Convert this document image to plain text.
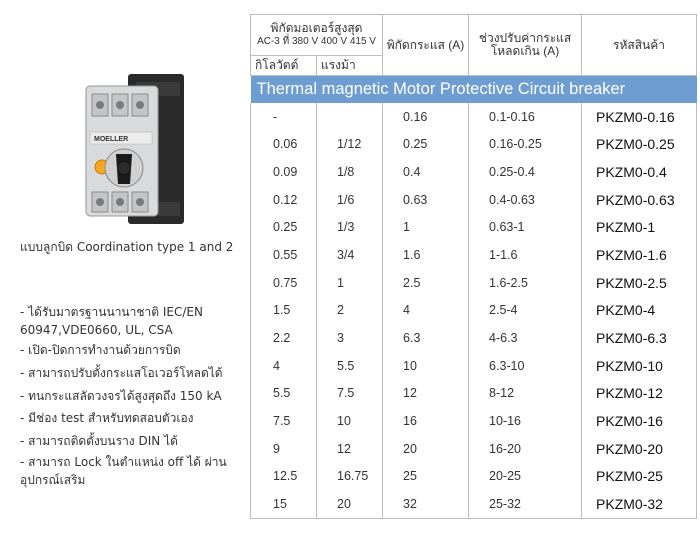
MOELLER
แบบลูกบิด Coordination type 1 and 2
- ได้รับมาตรฐานนานาชาติ IEC/EN 60947,VDE0660, UL, CSA
- เปิด-ปิดการทำงานด้วยการบิด
- สามารถปรับตั้งกระแสโอเวอร์โหลดได้
- ทนกระแสลัดวงจรได้สูงสุดถึง 150 kA
- มีช่อง test สำหรับทดสอบตัวเอง
- สามารถติดตั้งบนราง DIN ได้
- สามารถ Lock ในตำแหน่ง off ได้ ผ่านอุปกรณ์เสริม
พิกัดมอเตอร์สูงสุด
AC-3 ที่ 380 V 400 V 415 V		พิกัดกระแส (A)	ช่วงปรับค่ากระแส โหลดเกิน (A)	รหัสสินค้า
กิโลวัตต์	แรงม้า			
Thermal magnetic Motor Protective Circuit breaker				
-		0.16	0.1-0.16	PKZM0-0.16
0.06	1/12	0.25	0.16-0.25	PKZM0-0.25
0.09	1/8	0.4	0.25-0.4	PKZM0-0.4
0.12	1/6	0.63	0.4-0.63	PKZM0-0.63
0.25	1/3	1	0.63-1	PKZM0-1
0.55	3/4	1.6	1-1.6	PKZM0-1.6
0.75	1	2.5	1.6-2.5	PKZM0-2.5
1.5	2	4	2.5-4	PKZM0-4
2.2	3	6.3	4-6.3	PKZM0-6.3
4	5.5	10	6.3-10	PKZM0-10
5.5	7.5	12	8-12	PKZM0-12
7.5	10	16	10-16	PKZM0-16
9	12	20	16-20	PKZM0-20
12.5	16.75	25	20-25	PKZM0-25
15	20	32	25-32	PKZM0-32
